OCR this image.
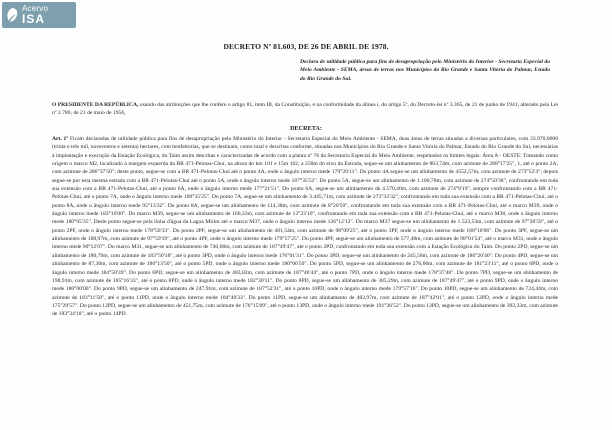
Acervo
ISA
DECRETO Nº 81.603, DE 26 DE ABRIL DE 1978.
Declara de utilidade pública para fins de desapropriação pelo Ministério do Interior - Secretaria Especial do Meio Ambiente - SEMA, áreas de terras nos Municípios do Rio Grande e Santa Vitória do Palmar, Estado do Rio Grande do Sul.
O PRESIDENTE DA REPÚBLICA, usando das atribuições que lhe confere o artigo 81, item III, da Constituição, e na conformidade da alínea i, do artigo 5º, do Decreto-lei nº 3.365, de 21 de junho de 1941, alterado pela Lei nº 2.786, de 21 de maio de 1956,
DECRETA:
Art. 1º Ficam declaradas de utilidade pública para fins de desapropriação pelo Ministério do Interior - Secretaria Especial do Meio Ambiente - SEMA, duas áreas de terras situadas a diversas particulares, com 33.970,0000 (trinta e três mil, novecentos e setenta) hectares, com benfeitorias, que se destinam, como total e descritas conforme, situadas nos Municípios do Rio Grande e Santa Vitória do Palmar, Estado do Rio Grande do Sul, necessárias à implantação e execução da Estação Ecológica, do Taim assim descritas e caracterizadas de acordo com a planta nº 76 da Secretaria Especial do Meio Ambiente, respeitados os limites legais. Área A - OESTE: Tomando como origem o marco M2, localizado à margem esquerda da BR 471-Pelotas-Chuí, na altura do km 101 e 15m 102, a 250m do eixo da Estrada, segue-se um alinhamento de 863,74m, com azimute de 288°17'25", 1, até o ponto 2A, com azimute de 286°37'50"; deste ponto, segue-se com a BR 471-Pelotas-Chuí até o ponto 4A, onde o ângulo interno mede 179°20'11". Do ponto 4A segue-se um alinhamento de 4552,57m, com azimute de 273°52'4"; depois segue-se por esta mesma estrada com a BR 471-Pelotas-Chuí até o ponto 5A, onde o ângulo interno mede 187°35'52". Do ponto 5A, segue-se um alinhamento de 1.100,78m, com azimute de 274°50'38", confrontando em toda sua extensão com a BR 471-Pelotas-Chuí, até o ponto 6A, onde o ângulo interno mede 177°21'51". Do ponto 6A, segue-se um alinhamento de 4.570,40m, com azimute de 274°8'19", sempre confrontando com a BR 471-Pelotas-Chuí, até o ponto 7A, onde o ângulo interno mede 180°35'25". Do ponto 7A, segue-se um alinhamento de 3.445,71m, com azimute de 273°33'32", confrontando em toda sua extensão com a BR 471-Pelotas-Chuí, até o ponto 8A, onde o ângulo interno mede 95°13'32". Do ponto 8A, segue-se um alinhamento de 114,38m, com azimute de 8°20'50", confrontando em toda sua extensão com a BR 471-Pelotas-Chuí, até o marco M39, onde o ângulo interno mede 183°16'00". Do marco M39, segue-se um alinhamento de 160,33m, com azimute de 13°23'10", confrontando em toda sua extensão com a BR 471-Pelotas-Chuí, até o marco M38, onde o ângulo interno mede 180°05'35". Deste ponto segue-se pela linha d'água da Lagoa Mirim até o marco M37, onde o ângulo interno mede 126°12'12". Do marco M37 segue-se um alinhamento de 1.523,53m, com azimute de 97°28'59", até o ponto 2PF, onde o ângulo interno mede 178°50'33". Do ponto 2PF, segue-se um alinhamento de 481,54m, com azimute de 98°09'25", até o ponto 3PF, onde o ângulo interno mede 180°10'06". Do ponto 3PF, segue-se um alinhamento de 188,97m, com azimute de 97°59'19", até o ponto 4PF, onde o ângulo interno mede 179°57'25". Do ponto 4PF, segue-se um alinhamento de 577,48m, com azimute de 98°01'54", até o marco M31, onde o ângulo interno mede 90°12'07". Do marco M31, segue-se um alinhamento de 740,68m, com azimute de 187°49'47", até o ponto 2PD, confrontando em toda sua extensão com a Estação Ecológica do Taim. Do ponto 2PD, segue-se um alinhamento de 180,79m, com azimute de 183°50'18", até o ponto 3PD, onde o ângulo interno mede 176°01'31". Do ponto 3PD, segue-se um alinhamento de 245,58m, com azimute de 186°20'40". Do ponto 4PD, segue-se um alinhamento de 87,36m, com azimute de 186°13'50", até o ponto 5PD, onde o ângulo interno mede 180°06'50". Do ponto 5PD, segue-se um alinhamento de 276,66m, com azimute de 181°23'11", até o ponto 6PD, onde o ângulo interno mede 184°50'39". Do ponto 6PD, segue-se um alinhamento de 483,82m, com azimute de 187°46'44", até o ponto 7PD, onde o ângulo interno mede 178°37'48". Do ponto 7PD, segue-se um alinhamento de 198,91m, com azimute de 185°16'33", até o ponto 8PD, onde o ângulo interno mede 182°30'11". Do ponto 8PD, segue-se um alinhamento de 385,29m, com azimute de 187°49'47", até o ponto 9PD, onde o ângulo interno mede 180°00'00". Do ponto 9PD, segue-se um alinhamento de 247,91m, com azimute de 187°52'31", até o ponto 10PD, onde o ângulo interno mede 179°57'16". Do ponto 10PD, segue-se um alinhamento de 724,44m, com azimute de 183°11'58", até o ponto 11PD, onde o ângulo interno mede 184°40'33". Do ponto 11PD, segue-se um alinhamento de 482,97m, com azimute de 187°42'01", até o ponto 12PD, onde o ângulo interno mede 175°29'57". Do ponto 12PD, segue-se um alinhamento de 451,75m, com azimute de 176°15'09", até o ponto 13PD, onde o ângulo interno mede 191°26'52". Do ponto 13PD, segue-se um alinhamento de 392,33m, com azimute de 183°34'18", até o ponto 14PD.
